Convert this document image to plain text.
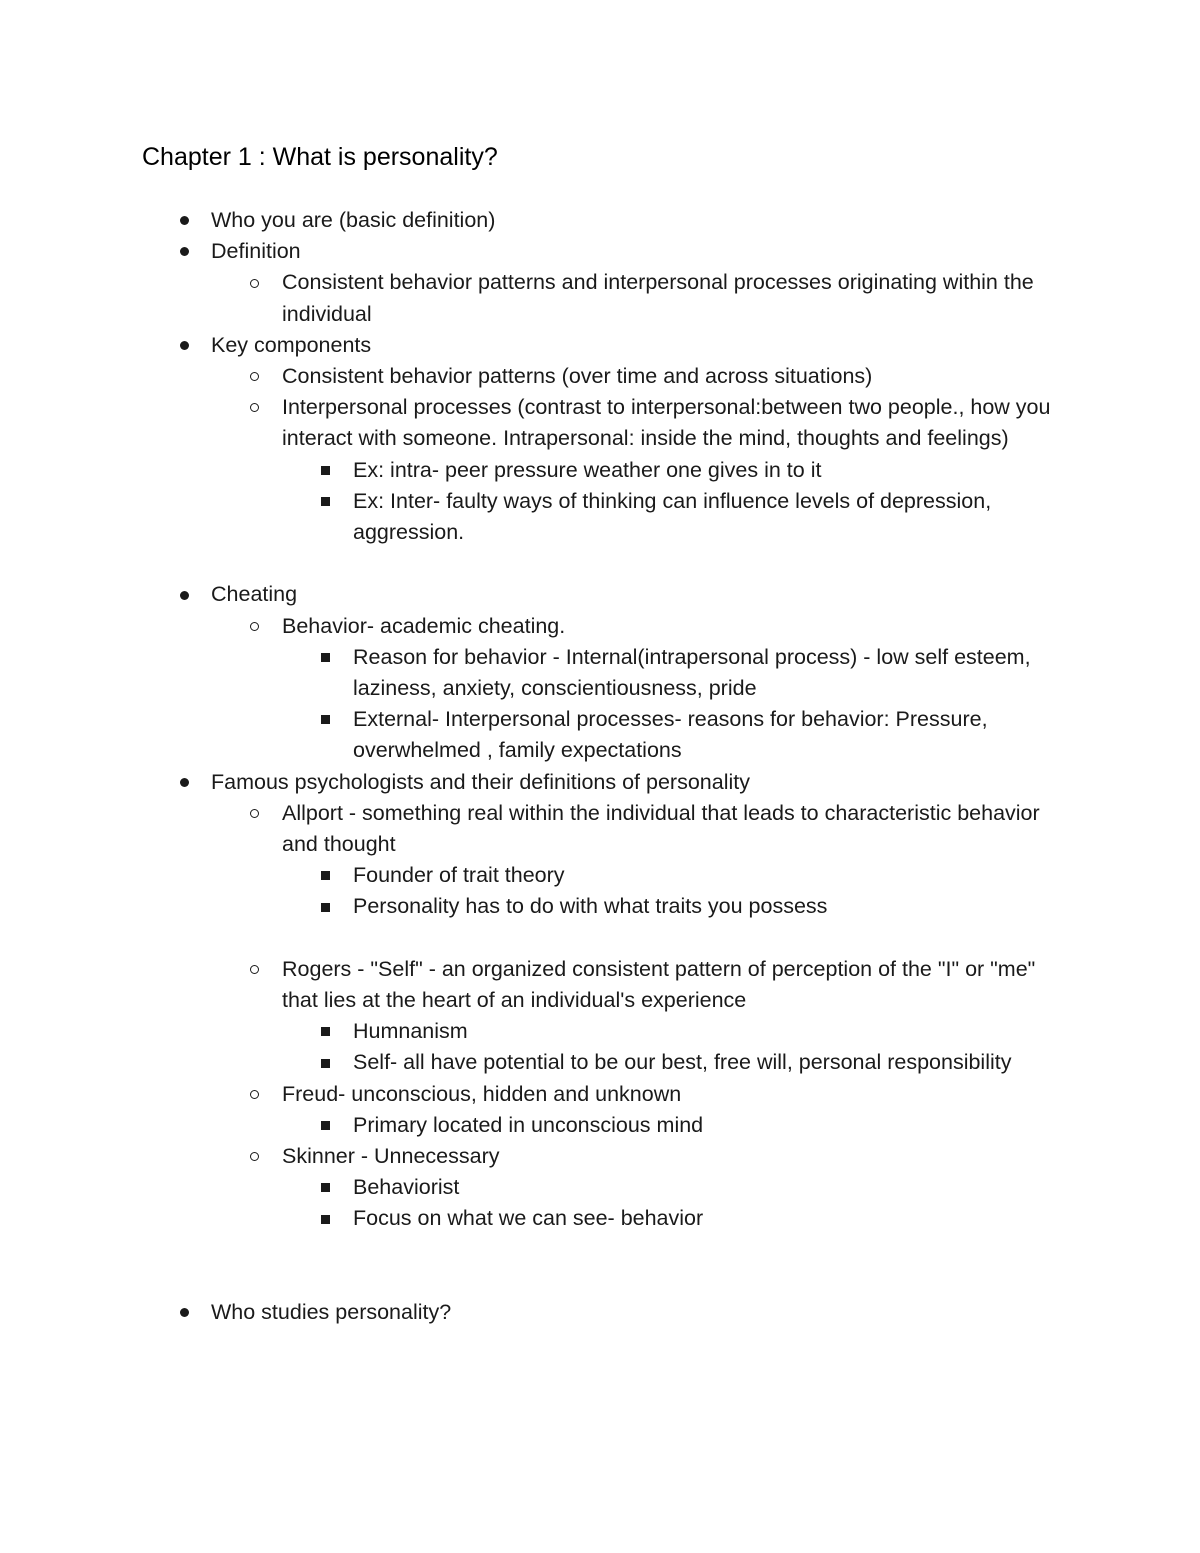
Chapter 1 : What is personality?
Who you are (basic definition)
Definition
Consistent behavior patterns and interpersonal processes originating within the individual
Key components
Consistent behavior patterns (over time and across situations)
Interpersonal processes (contrast to interpersonal:between two people., how you interact with someone. Intrapersonal: inside the mind, thoughts and feelings)
Ex: intra- peer pressure weather one gives in to it
Ex: Inter- faulty ways of thinking can influence levels of depression, aggression.
Cheating
Behavior- academic cheating.
Reason for behavior - Internal(intrapersonal process) - low self esteem, laziness, anxiety, conscientiousness, pride
External- Interpersonal processes- reasons for behavior: Pressure, overwhelmed , family expectations
Famous psychologists and their definitions of personality
Allport - something real within the individual that leads to characteristic behavior and thought
Founder of trait theory
Personality has to do with what traits you possess
Rogers - "Self" - an organized consistent pattern of perception of the "I" or "me" that lies at the heart of an individual's experience
Humnanism
Self- all have potential to be our best, free will, personal responsibility
Freud- unconscious, hidden and unknown
Primary located in unconscious mind
Skinner - Unnecessary
Behaviorist
Focus on what we can see- behavior
Who studies personality?
